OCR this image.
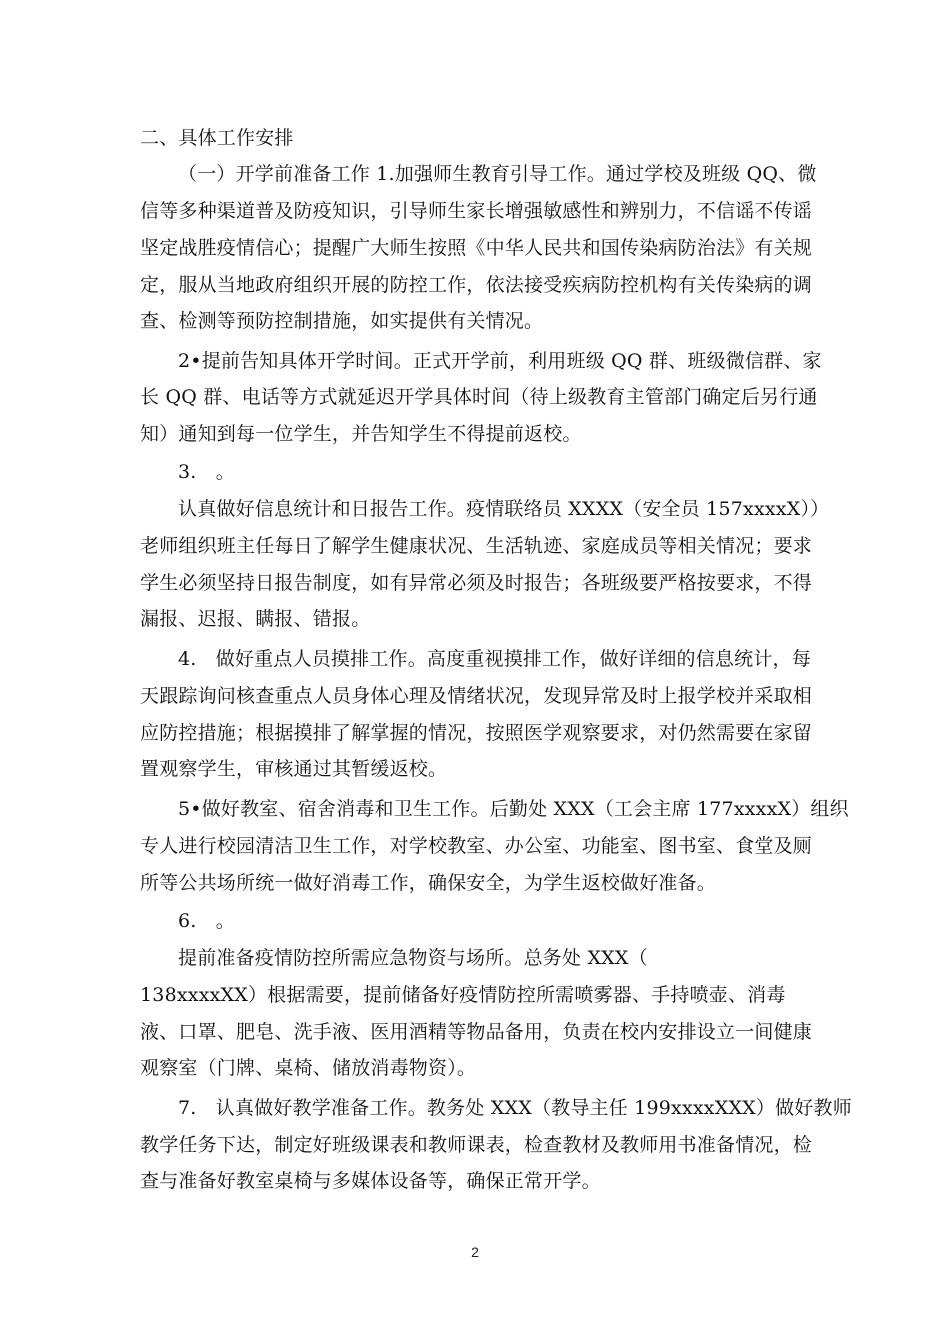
二、具体工作安排
（一）开学前准备工作 1.加强师生教育引导工作。通过学校及班级 QQ、微
信等多种渠道普及防疫知识，引导师生家长增强敏感性和辨别力，不信谣不传谣
坚定战胜疫情信心；提醒广大师生按照《中华人民共和国传染病防治法》有关规
定，服从当地政府组织开展的防控工作，依法接受疾病防控机构有关传染病的调
查、检测等预防控制措施，如实提供有关情况。
2•提前告知具体开学时间。正式开学前，利用班级 QQ 群、班级微信群、家
长 QQ 群、电话等方式就延迟开学具体时间（待上级教育主管部门确定后另行通
知）通知到每一位学生，并告知学生不得提前返校。
3.　。
认真做好信息统计和日报告工作。疫情联络员 XXXX（安全员 157xxxxX））
老师组织班主任每日了解学生健康状况、生活轨迹、家庭成员等相关情况；要求
学生必须坚持日报告制度，如有异常必须及时报告；各班级要严格按要求，不得
漏报、迟报、瞒报、错报。
4.　做好重点人员摸排工作。高度重视摸排工作，做好详细的信息统计，每
天跟踪询问核查重点人员身体心理及情绪状况，发现异常及时上报学校并采取相
应防控措施；根据摸排了解掌握的情况，按照医学观察要求，对仍然需要在家留
置观察学生，审核通过其暂缓返校。
5•做好教室、宿舍消毒和卫生工作。后勤处 XXX（工会主席 177xxxxX）组织
专人进行校园清洁卫生工作，对学校教室、办公室、功能室、图书室、食堂及厕
所等公共场所统一做好消毒工作，确保安全，为学生返校做好准备。
6.　。
提前准备疫情防控所需应急物资与场所。总务处 XXX（
138xxxxXX）根据需要，提前储备好疫情防控所需喷雾器、手持喷壶、消毒
液、口罩、肥皂、洗手液、医用酒精等物品备用，负责在校内安排设立一间健康
观察室（门牌、桌椅、储放消毒物资）。
7.　认真做好教学准备工作。教务处 XXX（教导主任 199xxxxXXX）做好教师
教学任务下达，制定好班级课表和教师课表，检查教材及教师用书准备情况，检
查与准备好教室桌椅与多媒体设备等，确保正常开学。
2
